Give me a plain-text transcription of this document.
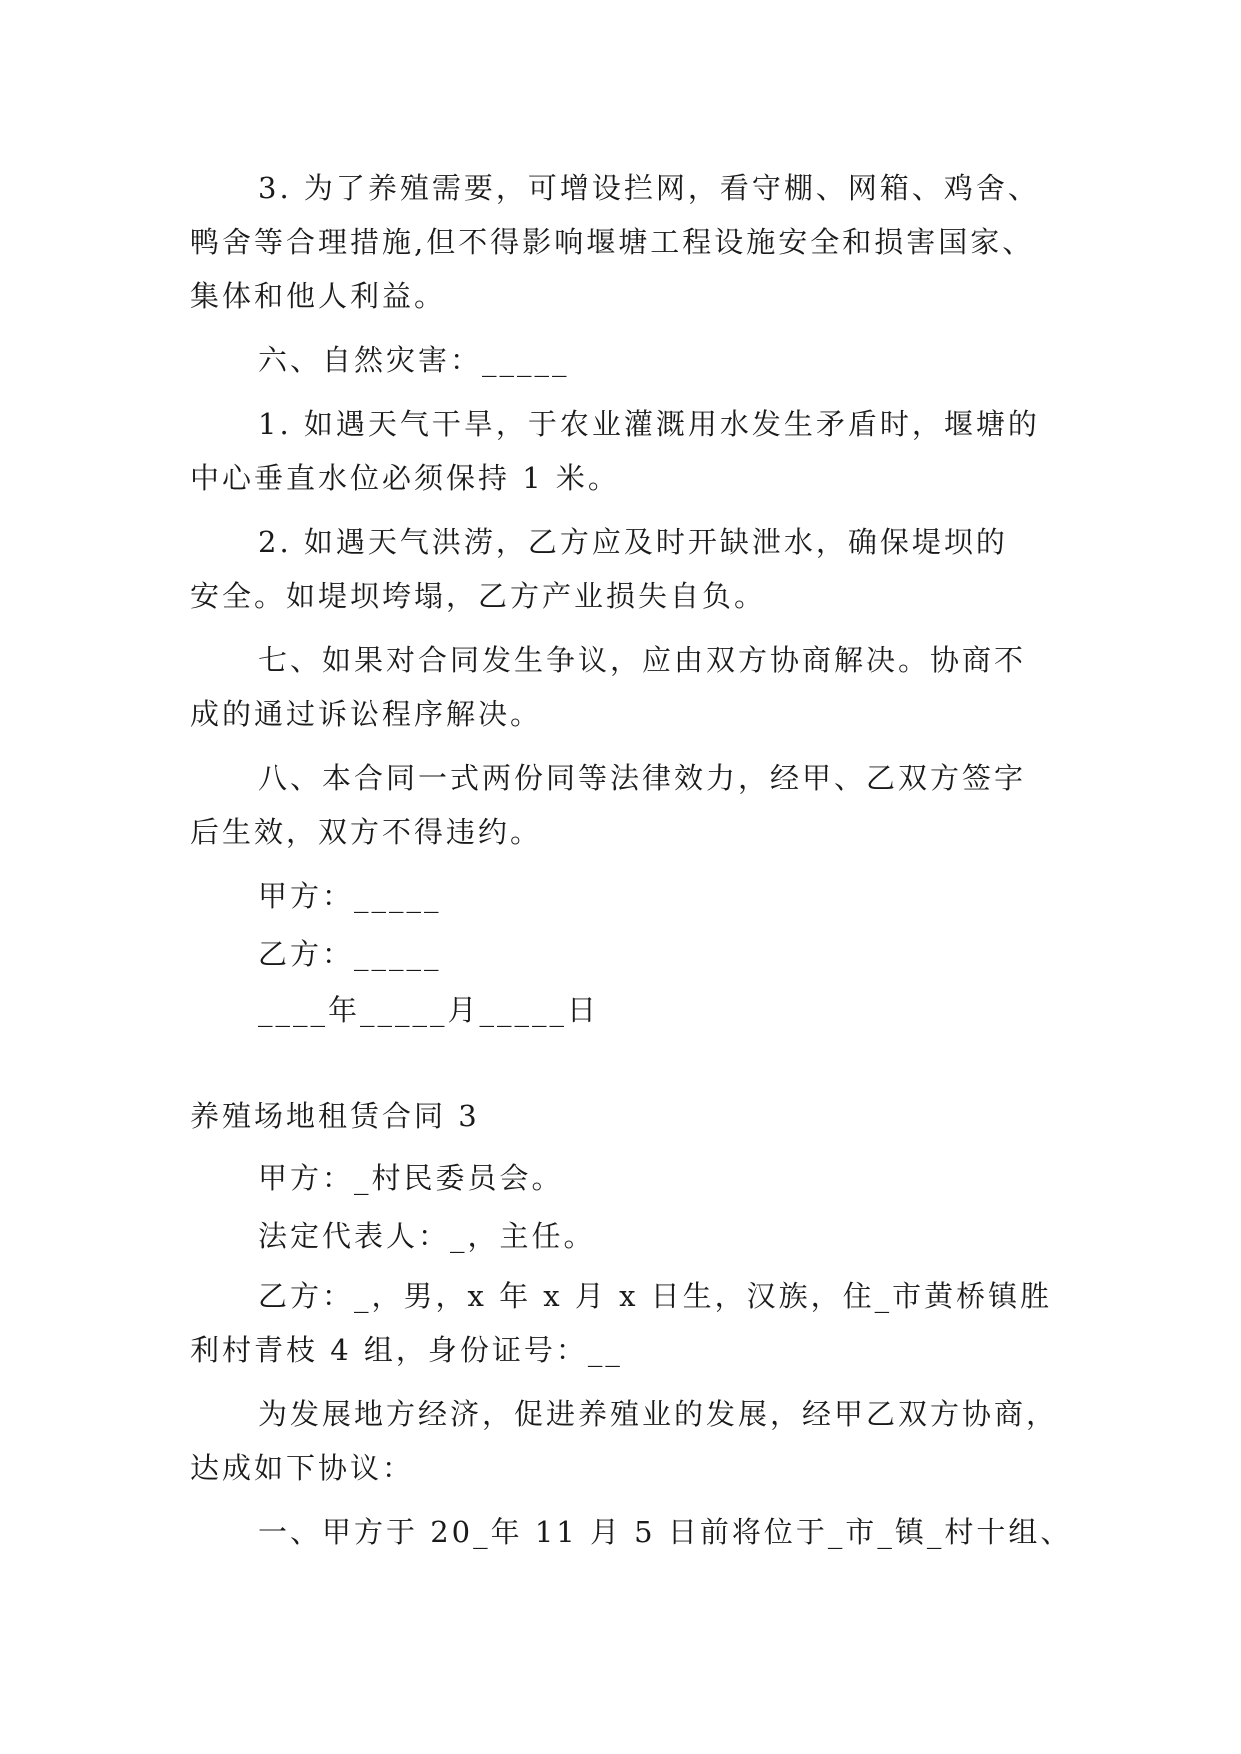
3. 为了养殖需要，可增设拦网，看守棚、网箱、鸡舍、
鸭舍等合理措施,但不得影响堰塘工程设施安全和损害国家、
集体和他人利益。
六、自然灾害：_____
1. 如遇天气干旱，于农业灌溉用水发生矛盾时，堰塘的
中心垂直水位必须保持 1 米。
2. 如遇天气洪涝，乙方应及时开缺泄水，确保堤坝的
安全。如堤坝垮塌，乙方产业损失自负。
七、如果对合同发生争议，应由双方协商解决。协商不
成的通过诉讼程序解决。
八、本合同一式两份同等法律效力，经甲、乙双方签字
后生效，双方不得违约。
甲方：_____
乙方：_____
____年_____月_____日
养殖场地租赁合同 3
甲方：_村民委员会。
法定代表人：_，主任。
乙方：_，男，x 年 x 月 x 日生，汉族，住_市黄桥镇胜
利村青枝 4 组，身份证号：__
为发展地方经济，促进养殖业的发展，经甲乙双方协商，
达成如下协议：
一、甲方于 20_年 11 月 5 日前将位于_市_镇_村十组、
